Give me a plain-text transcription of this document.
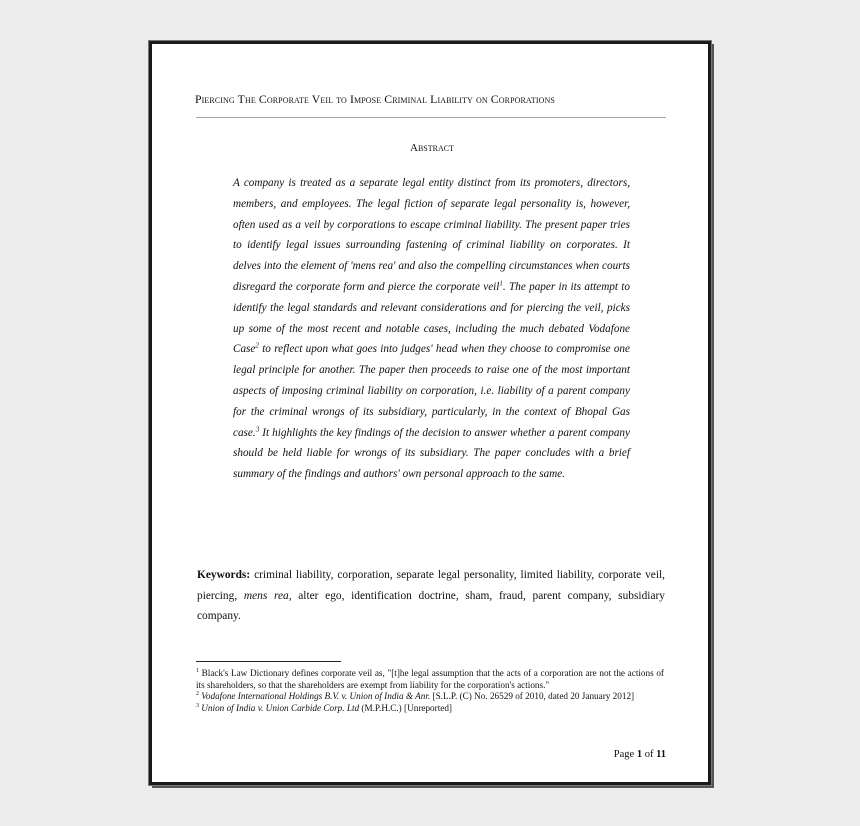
Piercing The Corporate Veil to Impose Criminal Liability on Corporations
Abstract
A company is treated as a separate legal entity distinct from its promoters, directors, members, and employees. The legal fiction of separate legal personality is, however, often used as a veil by corporations to escape criminal liability. The present paper tries to identify legal issues surrounding fastening of criminal liability on corporates. It delves into the element of 'mens rea' and also the compelling circumstances when courts disregard the corporate form and pierce the corporate veil$^1$. The paper in its attempt to identify the legal standards and relevant considerations and for piercing the veil, picks up some of the most recent and notable cases, including the much debated Vodafone Case$^2$ to reflect upon what goes into judges' head when they choose to compromise one legal principle for another. The paper then proceeds to raise one of the most important aspects of imposing criminal liability on corporation, i.e. liability of a parent company for the criminal wrongs of its subsidiary, particularly, in the context of Bhopal Gas case.$^3$ It highlights the key findings of the decision to answer whether a parent company should be held liable for wrongs of its subsidiary. The paper concludes with a brief summary of the findings and authors' own personal approach to the same.
Keywords: criminal liability, corporation, separate legal personality, limited liability, corporate veil, piercing, mens rea, alter ego, identification doctrine, sham, fraud, parent company, subsidiary company.

$^1$ Black's Law Dictionary defines corporate veil as, "[t]he legal assumption that the acts of a corporation are not the actions of its shareholders, so that the shareholders are exempt from liability for the corporation's actions."

$^2$ Vodafone International Holdings B.V. v. Union of India & Anr. [S.L.P. (C) No. 26529 of 2010, dated 20 January 2012]

$^3$ Union of India v. Union Carbide Corp. Ltd (M.P.H.C.) [Unreported]

Page 1 of 11
